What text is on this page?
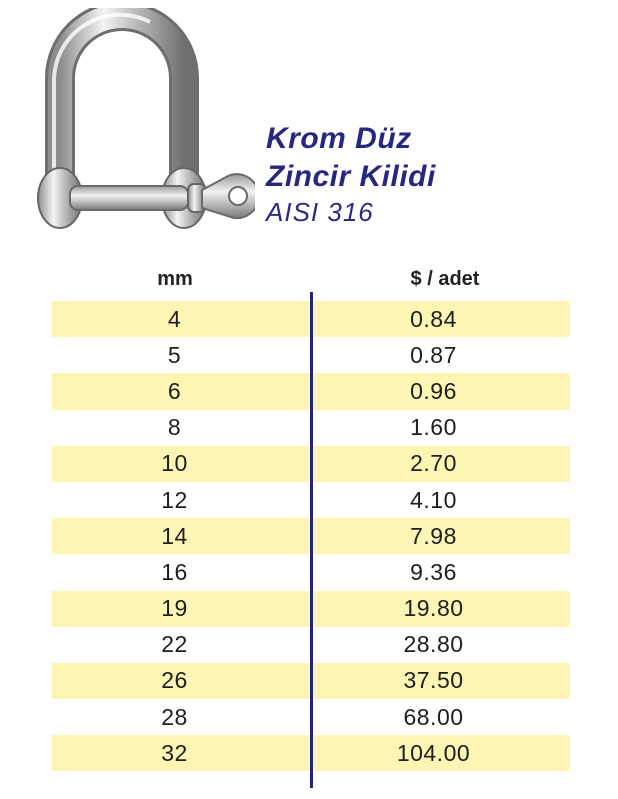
Krom Düz
Zincir Kilidi
AISI 316
mm	$ / adet
4	0.84
5	0.87
6	0.96
8	1.60
10	2.70
12	4.10
14	7.98
16	9.36
19	19.80
22	28.80
26	37.50
28	68.00
32	104.00
